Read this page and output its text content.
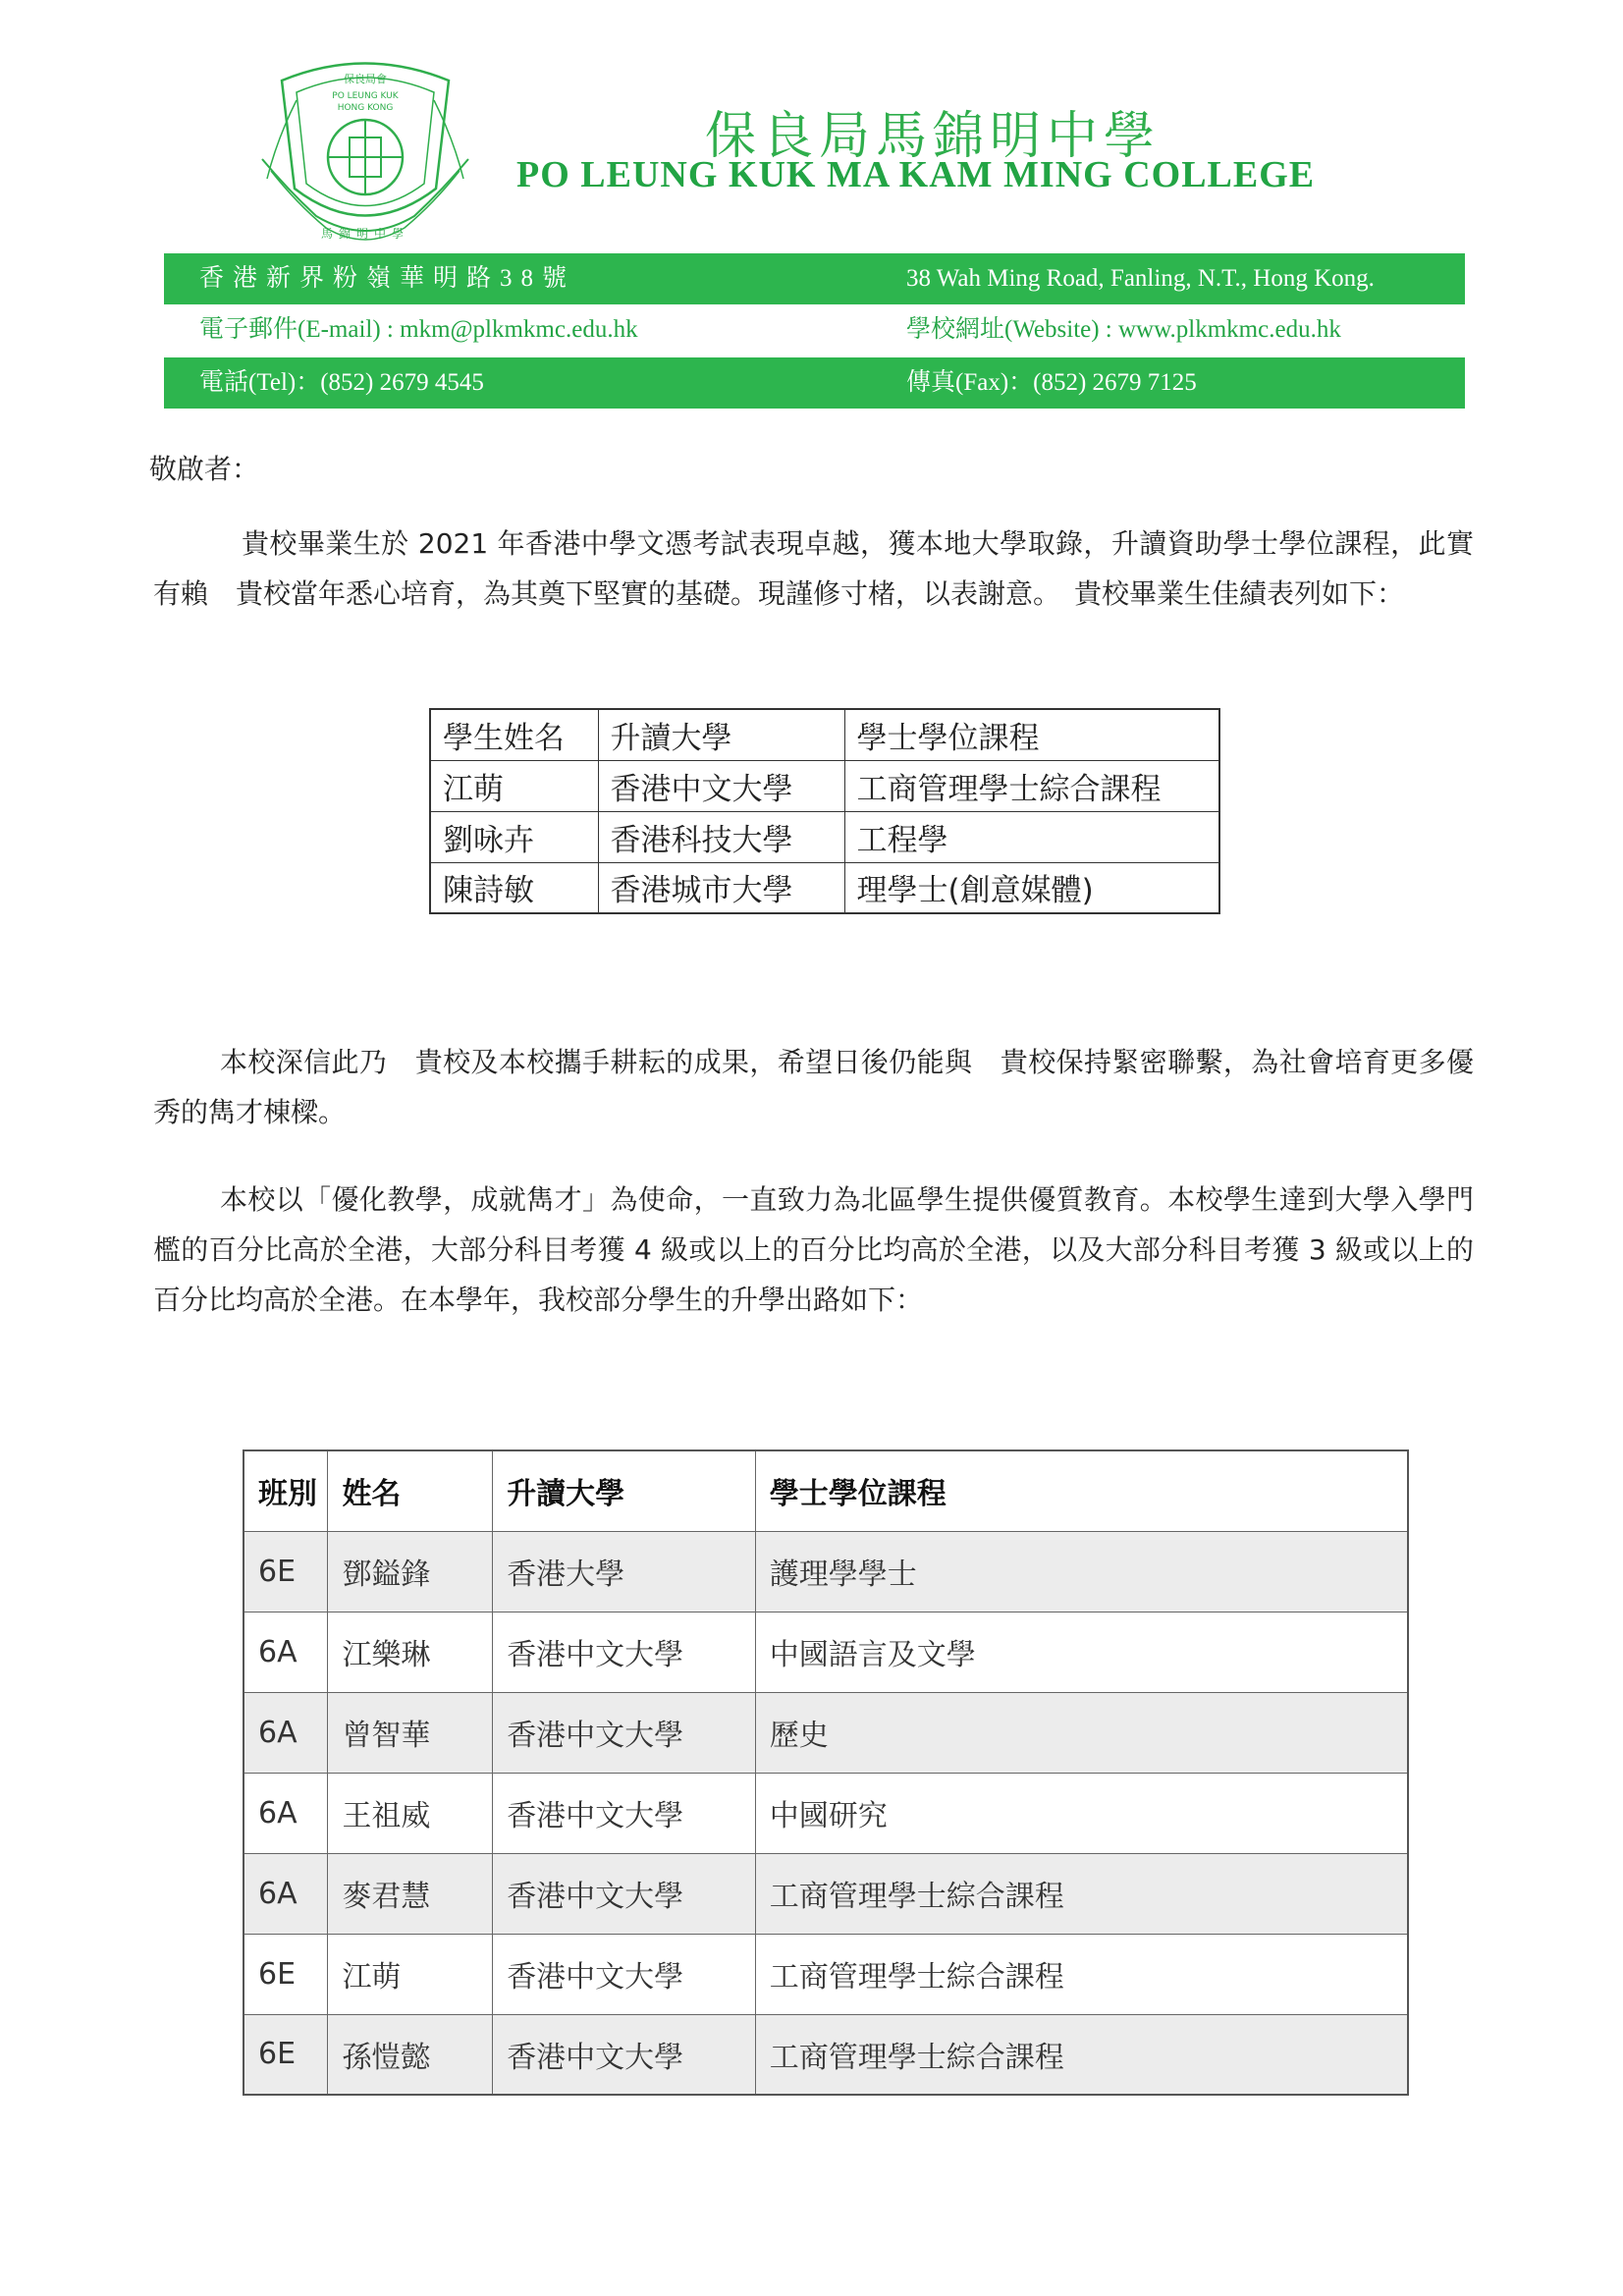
保良局會
PO LEUNG KUK
HONG KONG
馬錦明中學
保良局馬錦明中學
PO LEUNG KUK MA KAM MING COLLEGE
香港新界粉嶺華明路38號	38 Wah Ming Road, Fanling, N.T., Hong Kong.
電子郵件(E-mail) : mkm@plkmkmc.edu.hk	學校網址(Website) : www.plkmkmc.edu.hk
電話(Tel)：(852) 2679 4545	傳真(Fax)：(852) 2679 7125
敬啟者：
貴校畢業生於 2021 年香港中學文憑考試表現卓越，獲本地大學取錄，升讀資助學士學位課程，此實有賴　貴校當年悉心培育，為其奠下堅實的基礎。現謹修寸楮，以表謝意。　貴校畢業生佳績表列如下：
學生姓名	升讀大學	學士學位課程
江萌	香港中文大學	工商管理學士綜合課程
劉咏卉	香港科技大學	工程學
陳詩敏	香港城市大學	理學士(創意媒體)
本校深信此乃　貴校及本校攜手耕耘的成果，希望日後仍能與　貴校保持緊密聯繫，為社會培育更多優秀的雋才棟樑。
本校以「優化教學，成就雋才」為使命，一直致力為北區學生提供優質教育。本校學生達到大學入學門檻的百分比高於全港，大部分科目考獲 4 級或以上的百分比均高於全港，以及大部分科目考獲 3 級或以上的百分比均高於全港。在本學年，我校部分學生的升學出路如下：
班別	姓名	升讀大學	學士學位課程
6E	鄧鎰鋒	香港大學	護理學學士
6A	江樂琳	香港中文大學	中國語言及文學
6A	曾智華	香港中文大學	歷史
6A	王祖威	香港中文大學	中國研究
6A	麥君慧	香港中文大學	工商管理學士綜合課程
6E	江萌	香港中文大學	工商管理學士綜合課程
6E	孫愷懿	香港中文大學	工商管理學士綜合課程
